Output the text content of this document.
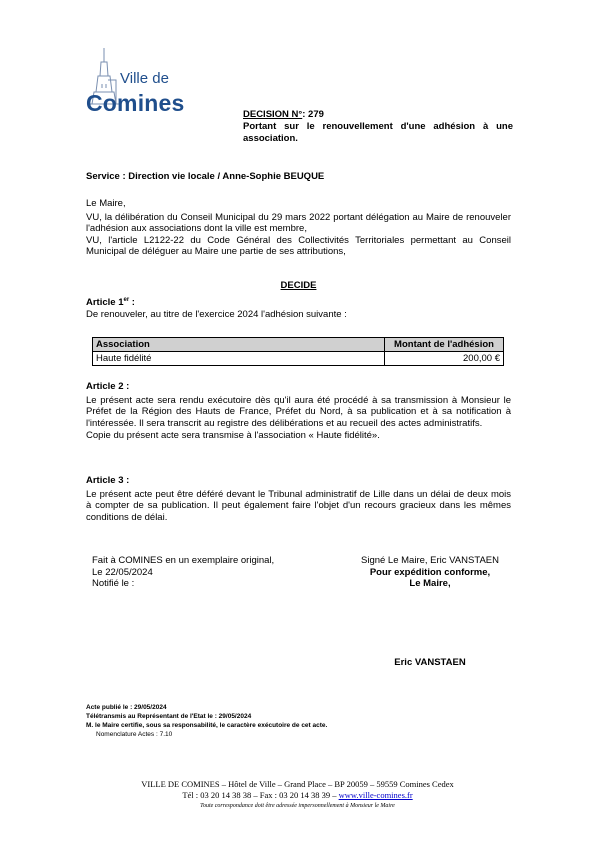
Ville de
Comines	DECISION N°: 279

Portant sur le renouvellement d'une adhésion à une association.
Service : Direction vie locale / Anne-Sophie BEUQUE
Le Maire,
VU, la délibération du Conseil Municipal du 29 mars 2022 portant délégation au Maire de renouveler l'adhésion aux associations dont la ville est membre,
VU, l'article L2122-22 du Code Général des Collectivités Territoriales permettant au Conseil Municipal de déléguer au Maire une partie de ses attributions,
DECIDE
Article 1er :
De renouveler, au titre de l'exercice 2024 l'adhésion suivante :
Association	Montant de l'adhésion
Haute fidélité	200,00 €
Article 2 :
Le présent acte sera rendu exécutoire dès qu'il aura été procédé à sa transmission à Monsieur le Préfet de la Région des Hauts de France, Préfet du Nord, à sa publication et à sa notification à l'intéressée. Il sera transcrit au registre des délibérations et au recueil des actes administratifs.
Copie du présent acte sera transmise à l'association « Haute fidélité».
Article 3 :
Le présent acte peut être déféré devant le Tribunal administratif de Lille dans un délai de deux mois à compter de sa publication. Il peut également faire l'objet d'un recours gracieux dans les mêmes conditions de délai.
Fait à COMINES en un exemplaire original,
Le 22/05/2024
Notifié le :
Signé Le Maire, Eric VANSTAEN
Pour expédition conforme,
Le Maire,
Eric VANSTAEN
Acte publié le : 29/05/2024
Télétransmis au Représentant de l'Etat le : 29/05/2024
M. le Maire certifie, sous sa responsabilité, le caractère exécutoire de cet acte.
Nomenclature Actes : 7.10
VILLE DE COMINES – Hôtel de Ville – Grand Place – BP 20059 – 59559 Comines Cedex
Tél : 03 20 14 38 38 – Fax : 03 20 14 38 39 – www.ville-comines.fr
Toute correspondance doit être adressée impersonnellement à Monsieur le Maire
